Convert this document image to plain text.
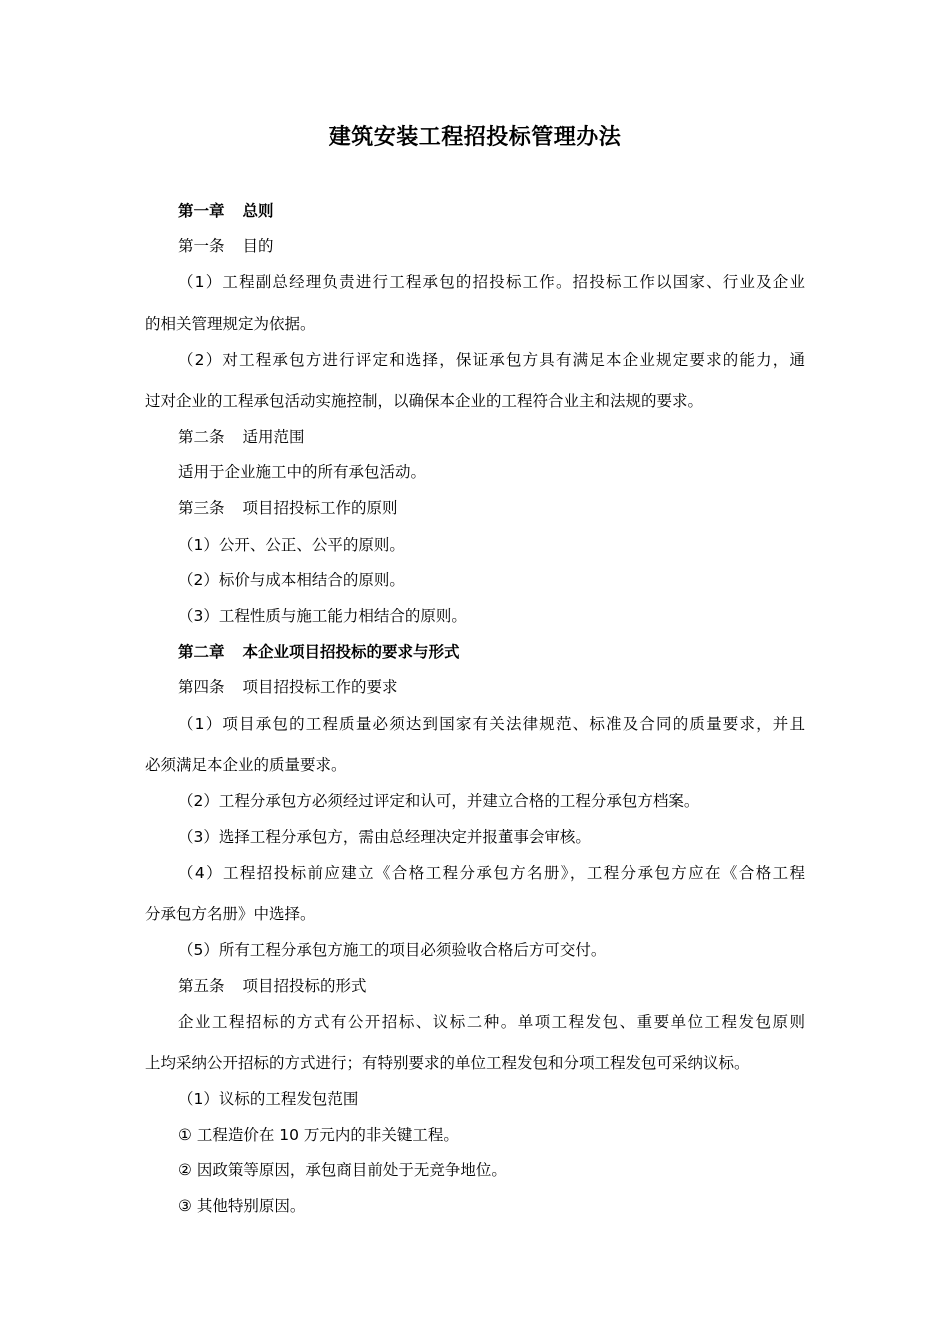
建筑安装工程招投标管理办法
第一章 总则
第一条 目的
（1）工程副总经理负责进行工程承包的招投标工作。招投标工作以国家、行业及企业
的相关管理规定为依据。
（2）对工程承包方进行评定和选择，保证承包方具有满足本企业规定要求的能力，通
过对企业的工程承包活动实施控制，以确保本企业的工程符合业主和法规的要求。
第二条 适用范围
适用于企业施工中的所有承包活动。
第三条 项目招投标工作的原则
（1）公开、公正、公平的原则。
（2）标价与成本相结合的原则。
（3）工程性质与施工能力相结合的原则。
第二章 本企业项目招投标的要求与形式
第四条 项目招投标工作的要求
（1）项目承包的工程质量必须达到国家有关法律规范、标准及合同的质量要求，并且
必须满足本企业的质量要求。
（2）工程分承包方必须经过评定和认可，并建立合格的工程分承包方档案。
（3）选择工程分承包方，需由总经理决定并报董事会审核。
（4）工程招投标前应建立《合格工程分承包方名册》，工程分承包方应在《合格工程
分承包方名册》中选择。
（5）所有工程分承包方施工的项目必须验收合格后方可交付。
第五条 项目招投标的形式
企业工程招标的方式有公开招标、议标二种。单项工程发包、重要单位工程发包原则
上均采纳公开招标的方式进行；有特别要求的单位工程发包和分项工程发包可采纳议标。
（1）议标的工程发包范围
① 工程造价在 10 万元内的非关键工程。
② 因政策等原因，承包商目前处于无竞争地位。
③ 其他特别原因。
